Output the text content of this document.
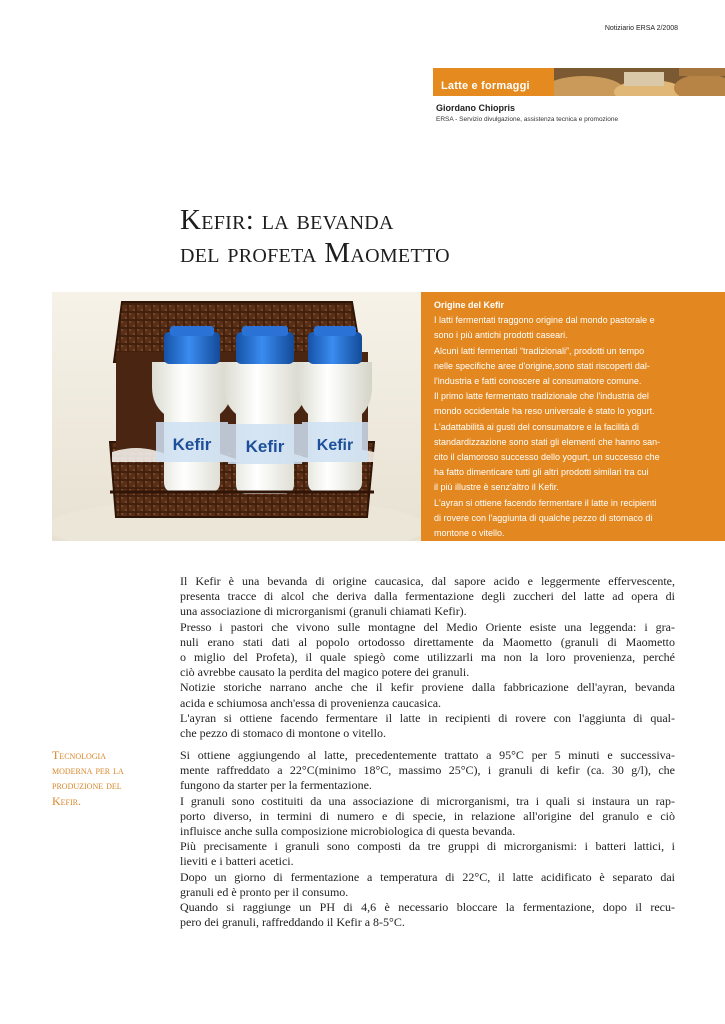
Notiziario ERSA 2/2008
Latte e formaggi
Giordano Chiopris
ERSA - Servizio divulgazione, assistenza tecnica e promozione
Kefir: la bevanda
del profeta Maometto
Kefir Kefir Kefir
Origine del Kefir
I latti fermentati traggono origine dal mondo pastorale e
sono i più antichi prodotti caseari.
Alcuni latti fermentati “tradizionali”, prodotti un tempo
nelle specifiche aree d'origine,sono stati riscoperti dal-
l'industria e fatti conoscere al consumatore comune.
Il primo latte fermentato tradizionale che l'industria del
mondo occidentale ha reso universale è stato lo yogurt.
L'adattabilità ai gusti del consumatore e la facilità di
standardizzazione sono stati gli elementi che hanno san-
cito il clamoroso successo dello yogurt, un successo che
ha fatto dimenticare tutti gli altri prodotti similari tra cui
il più illustre è senz'altro il Kefir.
L'ayran si ottiene facendo fermentare il latte in recipienti
di rovere con l'aggiunta di qualche pezzo di stomaco di
montone o vitello.
Il Kefir è una bevanda di origine caucasica, dal sapore acido e leggermente effervescente,
presenta tracce di alcol che deriva dalla fermentazione degli zuccheri del latte ad opera di
una associazione di microrganismi (granuli chiamati Kefir).
Presso i pastori che vivono sulle montagne del Medio Oriente esiste una leggenda: i gra-
nuli erano stati dati al popolo ortodosso direttamente da Maometto (granuli di Maometto
o miglio del Profeta), il quale spiegò come utilizzarli ma non la loro provenienza, perché
ciò avrebbe causato la perdita del magico potere dei granuli.
Notizie storiche narrano anche che il kefir proviene dalla fabbricazione dell'ayran, bevanda
acida e schiumosa anch'essa di provenienza caucasica.
L'ayran si ottiene facendo fermentare il latte in recipienti di rovere con l'aggiunta di qual-
che pezzo di stomaco di montone o vitello.
Tecnologia
moderna per la
produzione del
Kefir.
Si ottiene aggiungendo al latte, precedentemente trattato a 95°C per 5 minuti e successiva-
mente raffreddato a 22°C(minimo 18°C, massimo 25°C), i granuli di kefir (ca. 30 g/l), che
fungono da starter per la fermentazione.
I granuli sono costituiti da una associazione di microrganismi, tra i quali si instaura un rap-
porto diverso, in termini di numero e di specie, in relazione all'origine del granulo e ciò
influisce anche sulla composizione microbiologica di questa bevanda.
Più precisamente i granuli sono composti da tre gruppi di microrganismi: i batteri lattici, i
lieviti e i batteri acetici.
Dopo un giorno di fermentazione a temperatura di 22°C, il latte acidificato è separato dai
granuli ed è pronto per il consumo.
Quando si raggiunge un PH di 4,6 è necessario bloccare la fermentazione, dopo il recu-
pero dei granuli, raffreddando il Kefir a 8-5°C.
